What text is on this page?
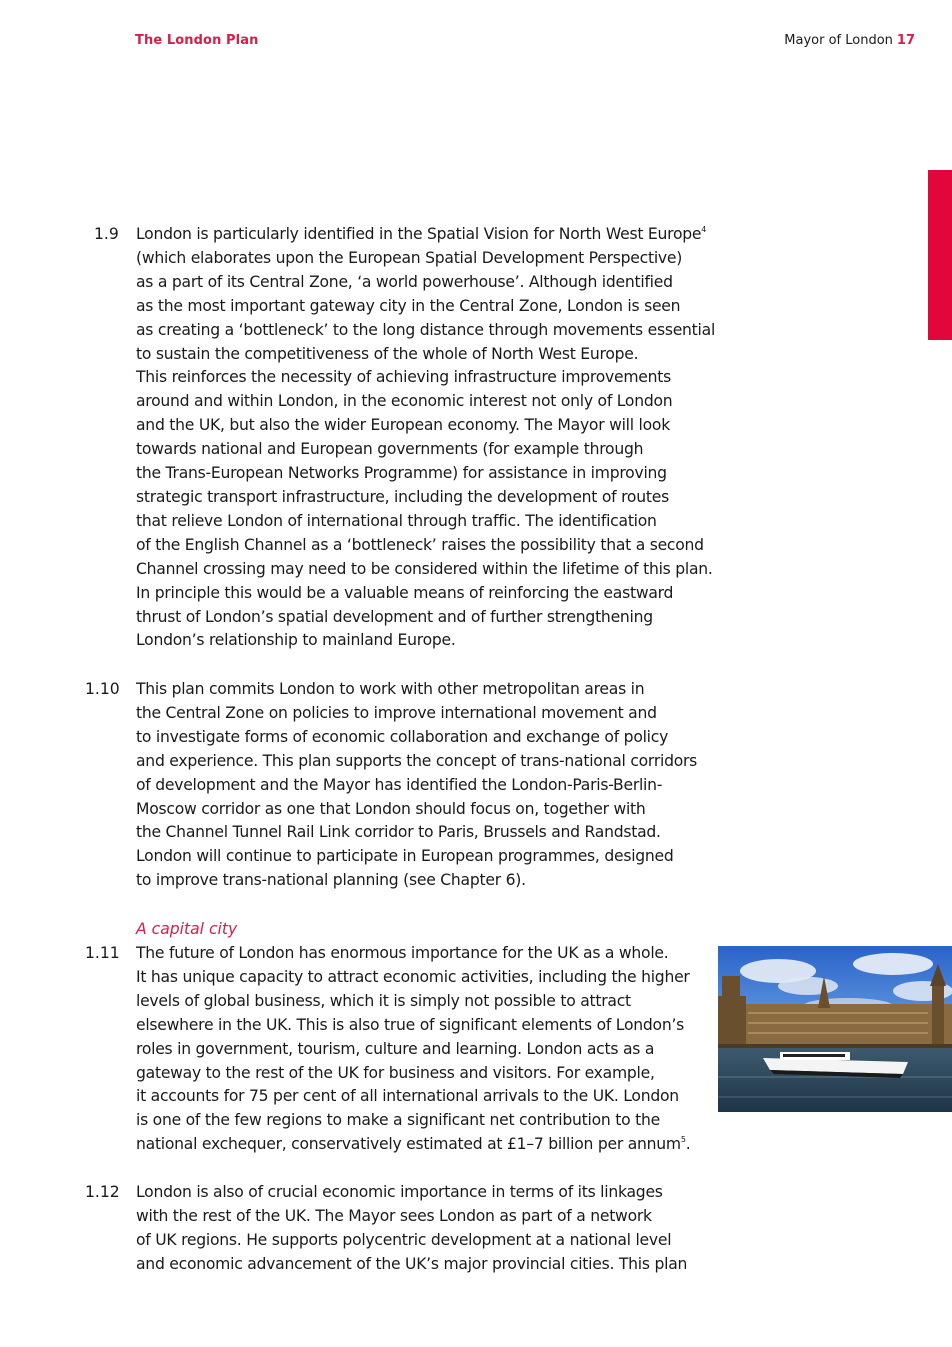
The London Plan	Mayor of London 17
1.9 London is particularly identified in the Spatial Vision for North West Europe$^4$
(which elaborates upon the European Spatial Development Perspective)
as a part of its Central Zone, ‘a world powerhouse’. Although identified
as the most important gateway city in the Central Zone, London is seen
as creating a ‘bottleneck’ to the long distance through movements essential
to sustain the competitiveness of the whole of North West Europe.
This reinforces the necessity of achieving infrastructure improvements
around and within London, in the economic interest not only of London
and the UK, but also the wider European economy. The Mayor will look
towards national and European governments (for example through
the Trans-European Networks Programme) for assistance in improving
strategic transport infrastructure, including the development of routes
that relieve London of international through traffic. The identification
of the English Channel as a ‘bottleneck’ raises the possibility that a second
Channel crossing may need to be considered within the lifetime of this plan.
In principle this would be a valuable means of reinforcing the eastward
thrust of London’s spatial development and of further strengthening
London’s relationship to mainland Europe.
1.10 This plan commits London to work with other metropolitan areas in
the Central Zone on policies to improve international movement and
to investigate forms of economic collaboration and exchange of policy
and experience. This plan supports the concept of trans-national corridors
of development and the Mayor has identified the London-Paris-Berlin-
Moscow corridor as one that London should focus on, together with
the Channel Tunnel Rail Link corridor to Paris, Brussels and Randstad.
London will continue to participate in European programmes, designed
to improve trans-national planning (see Chapter 6).
A capital city
1.11 The future of London has enormous importance for the UK as a whole.
It has unique capacity to attract economic activities, including the higher
levels of global business, which it is simply not possible to attract
elsewhere in the UK. This is also true of significant elements of London’s
roles in government, tourism, culture and learning. London acts as a
gateway to the rest of the UK for business and visitors. For example,
it accounts for 75 per cent of all international arrivals to the UK. London
is one of the few regions to make a significant net contribution to the
national exchequer, conservatively estimated at £1–7 billion per annum$^5$.
1.12 London is also of crucial economic importance in terms of its linkages
with the rest of the UK. The Mayor sees London as part of a network
of UK regions. He supports polycentric development at a national level
and economic advancement of the UK’s major provincial cities. This plan
